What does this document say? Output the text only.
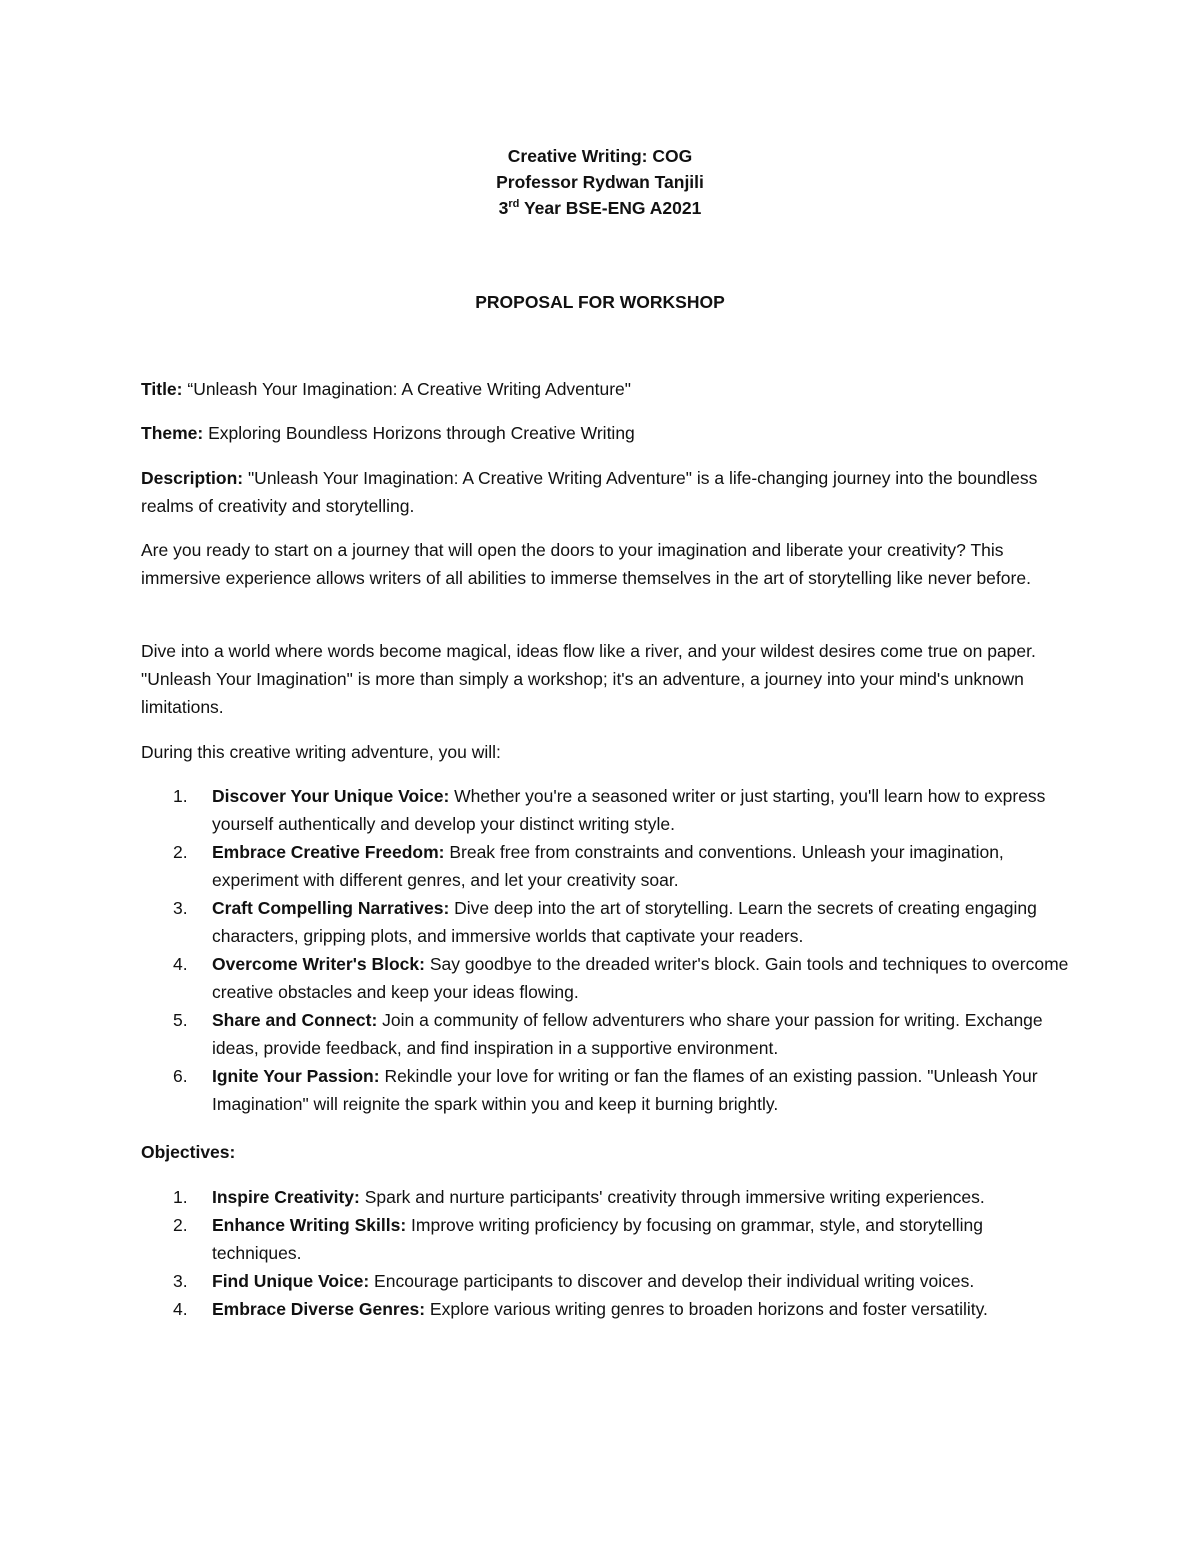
Creative Writing: COG
Professor Rydwan Tanjili
3rd Year BSE-ENG A2021
PROPOSAL FOR WORKSHOP

Title: “Unleash Your Imagination: A Creative Writing Adventure"

Theme: Exploring Boundless Horizons through Creative Writing

Description: "Unleash Your Imagination: A Creative Writing Adventure" is a life-changing journey into the boundless realms of creativity and storytelling.

Are you ready to start on a journey that will open the doors to your imagination and liberate your creativity? This immersive experience allows writers of all abilities to immerse themselves in the art of storytelling like never before.

Dive into a world where words become magical, ideas flow like a river, and your wildest desires come true on paper. "Unleash Your Imagination" is more than simply a workshop; it's an adventure, a journey into your mind's unknown limitations.

During this creative writing adventure, you will:

1. Discover Your Unique Voice: Whether you're a seasoned writer or just starting, you'll learn how to express yourself authentically and develop your distinct writing style.
2. Embrace Creative Freedom: Break free from constraints and conventions. Unleash your imagination, experiment with different genres, and let your creativity soar.
3. Craft Compelling Narratives: Dive deep into the art of storytelling. Learn the secrets of creating engaging characters, gripping plots, and immersive worlds that captivate your readers.
4. Overcome Writer's Block: Say goodbye to the dreaded writer's block. Gain tools and techniques to overcome creative obstacles and keep your ideas flowing.
5. Share and Connect: Join a community of fellow adventurers who share your passion for writing. Exchange ideas, provide feedback, and find inspiration in a supportive environment.
6. Ignite Your Passion: Rekindle your love for writing or fan the flames of an existing passion. "Unleash Your Imagination" will reignite the spark within you and keep it burning brightly.

Objectives:

1. Inspire Creativity: Spark and nurture participants' creativity through immersive writing experiences.
2. Enhance Writing Skills: Improve writing proficiency by focusing on grammar, style, and storytelling techniques.
3. Find Unique Voice: Encourage participants to discover and develop their individual writing voices.
4. Embrace Diverse Genres: Explore various writing genres to broaden horizons and foster versatility.
